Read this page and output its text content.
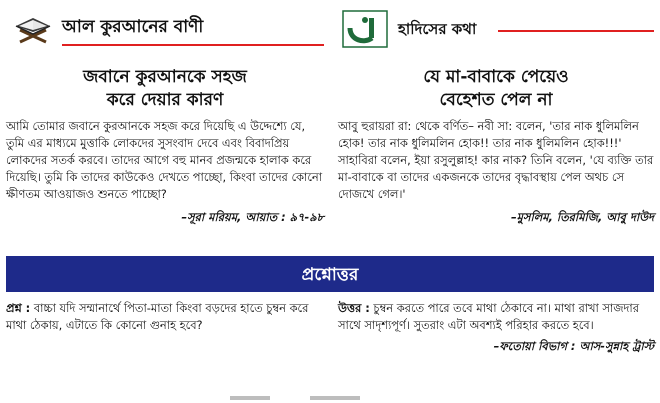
আল কুরআনের বাণী
জবানে কুরআনকে সহজ
করে দেয়ার কারণ

আমি তোমার জবানে কুরআনকে সহজ করে দিয়েছি এ উদ্দেশ্যে যে, তুমি এর মাধ্যমে মুত্তাকি লোকদের সুসংবাদ দেবে এবং বিবাদপ্রিয় লোকদের সতর্ক করবে। তাদের আগে বহু মানব প্রজন্মকে হালাক করে দিয়েছি। তুমি কি তাদের কাউকেও দেখতে পাচ্ছো, কিংবা তাদের কোনো ক্ষীণতম আওয়াজও শুনতে পাচ্ছো?

–সূরা মরিয়ম, আয়াত : ৯৭-৯৮
হাদিসের কথা
যে মা-বাবাকে পেয়েও
বেহেশত পেল না

আবু হুরায়রা রা: থেকে বর্ণিত– নবী সা: বলেন, 'তার নাক ধুলিমলিন হোক! তার নাক ধুলিমলিন হোক!! তার নাক ধুলিমলিন হোক!!!' সাহাবিরা বলেন, ইয়া রসুলুল্লাহ! কার নাক? তিনি বলেন, 'যে ব্যক্তি তার মা-বাবাকে বা তাদের একজনকে তাদের বৃদ্ধাবস্থায় পেল অথচ সে দোজখে গেল।'

–মুসলিম, তিরমিজি, আবু দাউদ
প্রশ্নোত্তর

প্রশ্ন : বাচ্চা যদি সম্মানার্থে পিতা-মাতা কিংবা বড়দের হাতে চুম্বন করে মাথা ঠেকায়, এটাতে কি কোনো গুনাহ হবে?

উত্তর : চুম্বন করতে পারে তবে মাথা ঠেকাবে না। মাথা রাখা সাজদার সাথে সাদৃশ্যপূর্ণ। সুতরাং এটা অবশ্যই পরিহার করতে হবে।

–ফতোয়া বিভাগ : আস-সুন্নাহ ট্রাস্ট
